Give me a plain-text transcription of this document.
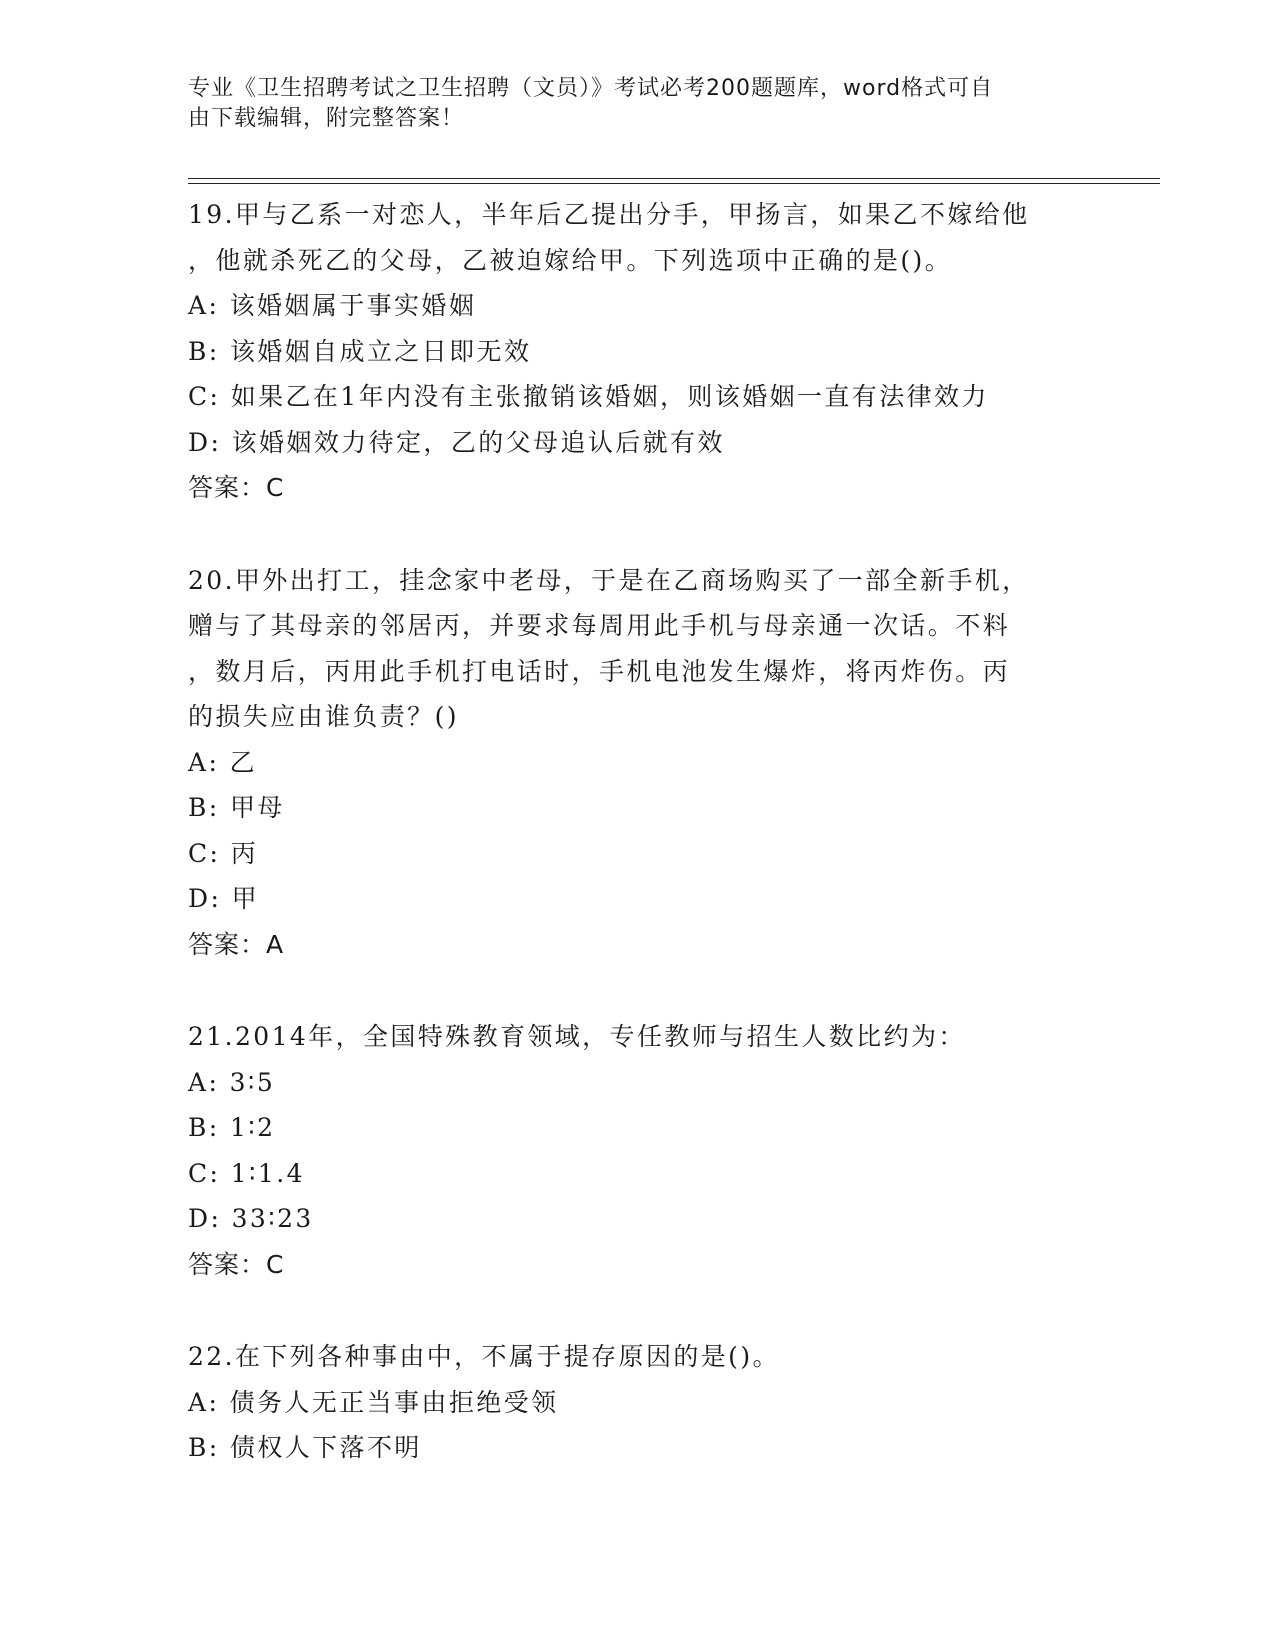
专业《卫生招聘考试之卫生招聘（文员）》考试必考200题题库，word格式可自
由下载编辑，附完整答案！
19.甲与乙系一对恋人，半年后乙提出分手，甲扬言，如果乙不嫁给他
，他就杀死乙的父母，乙被迫嫁给甲。下列选项中正确的是()。
A: 该婚姻属于事实婚姻
B: 该婚姻自成立之日即无效
C: 如果乙在1年内没有主张撤销该婚姻，则该婚姻一直有法律效力
D: 该婚姻效力待定，乙的父母追认后就有效
答案：C
20.甲外出打工，挂念家中老母，于是在乙商场购买了一部全新手机，
赠与了其母亲的邻居丙，并要求每周用此手机与母亲通一次话。不料
，数月后，丙用此手机打电话时，手机电池发生爆炸，将丙炸伤。丙
的损失应由谁负责？()
A: 乙
B: 甲母
C: 丙
D: 甲
答案：A
21.2014年，全国特殊教育领域，专任教师与招生人数比约为：
A: 3∶5
B: 1∶2
C: 1∶1.4
D: 33∶23
答案：C
22.在下列各种事由中，不属于提存原因的是()。
A: 债务人无正当事由拒绝受领
B: 债权人下落不明
